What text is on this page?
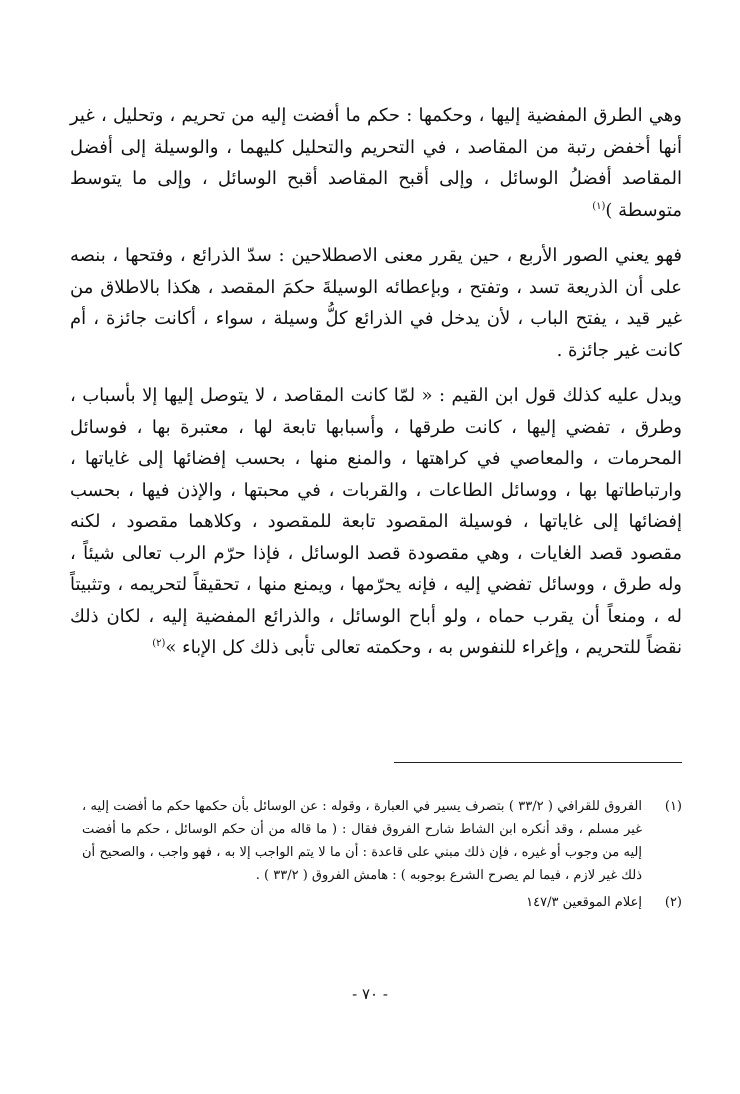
وهي الطرق المفضية إليها ، وحكمها : حكم ما أفضت إليه من تحريم ، وتحليل ، غير أنها أخفض رتبة من المقاصد ، في التحريم والتحليل كليهما ، والوسيلة إلى أفضل المقاصد أفضلُ الوسائل ، وإلى أقبح المقاصد أقبح الوسائل ، وإلى ما يتوسط متوسطة )$^{(١)}$

فهو يعني الصور الأربع ، حين يقرر معنى الاصطلاحين : سدّ الذرائع ، وفتحها ، بنصه على أن الذريعة تسد ، وتفتح ، وبإعطائه الوسيلةَ حكمَ المقصد ، هكذا بالاطلاق من غير قيد ، يفتح الباب ، لأن يدخل في الذرائع كلُّ وسيلة ، سواء ، أكانت جائزة ، أم كانت غير جائزة .

ويدل عليه كذلك قول ابن القيم : « لمّا كانت المقاصد ، لا يتوصل إليها إلا بأسباب ، وطرق ، تفضي إليها ، كانت طرقها ، وأسبابها تابعة لها ، معتبرة بها ، فوسائل المحرمات ، والمعاصي في كراهتها ، والمنع منها ، بحسب إفضائها إلى غاياتها ، وارتباطاتها بها ، ووسائل الطاعات ، والقربات ، في محبتها ، والإذن فيها ، بحسب إفضائها إلى غاياتها ، فوسيلة المقصود تابعة للمقصود ، وكلاهما مقصود ، لكنه مقصود قصد الغايات ، وهي مقصودة قصد الوسائل ، فإذا حرّم الرب تعالى شيئاً ، وله طرق ، ووسائل تفضي إليه ، فإنه يحرّمها ، ويمنع منها ، تحقيقاً لتحريمه ، وتثبيتاً له ، ومنعاً أن يقرب حماه ، ولو أباح الوسائل ، والذرائع المفضية إليه ، لكان ذلك نقضاً للتحريم ، وإغراء للنفوس به ، وحكمته تعالى تأبى ذلك كل الإباء »$^{(٢)}$

(١)
الفروق للقرافي ( ٣٣/٢ ) بتصرف يسير في العبارة ، وقوله : عن الوسائل بأن حكمها حكم ما أفضت إليه ، غير مسلم ، وقد أنكره ابن الشاط شارح الفروق فقال : ( ما قاله من أن حكم الوسائل ، حكم ما أفضت إليه من وجوب أو غيره ، فإن ذلك مبني على قاعدة : أن ما لا يتم الواجب إلا به ، فهو واجب ، والصحيح أن ذلك غير لازم ، فيما لم يصرح الشرع بوجوبه ) : هامش الفروق ( ٣٣/٢ ) .
(٢)
إعلام الموقعين ١٤٧/٣
- ٧٠ -
